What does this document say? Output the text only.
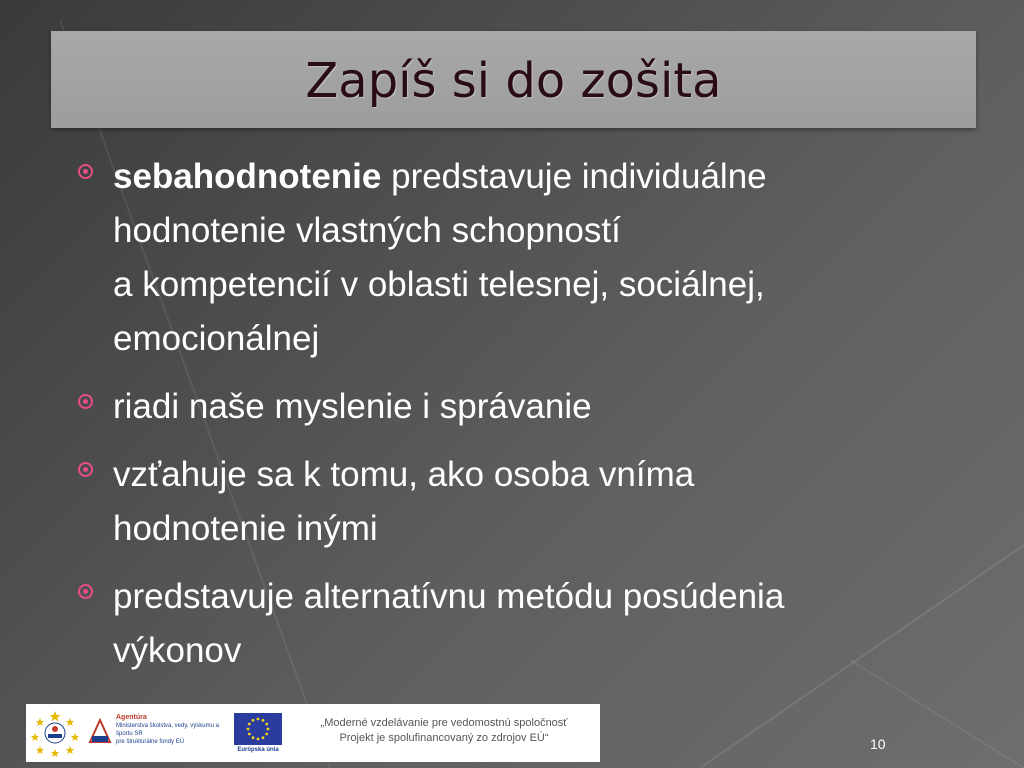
Zapíš si do zošita
sebahodnotenie predstavuje individuálne
hodnotenie vlastných schopností
a kompetencií v oblasti telesnej, sociálnej,
emocionálnej
riadi naše myslenie i správanie
vzťahuje sa k tomu, ako osoba vníma
hodnotenie inými
predstavuje alternatívnu metódu posúdenia
výkonov
Agentúra
Ministerstva školstva, vedy, výskumu a športu SR
pre štrukturálne fondy EÚ
Európska únia
„Moderné vzdelávanie pre vedomostnú spoločnosť
Projekt je spolufinancovaný zo zdrojov EÚ“	10
